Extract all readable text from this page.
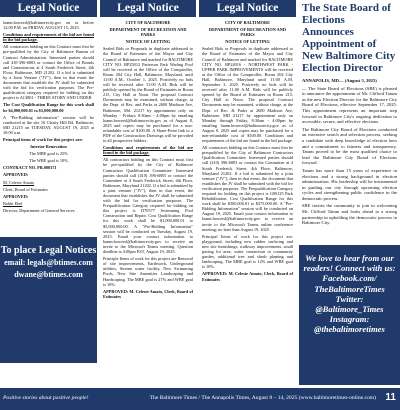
Legal Notice
luann.bowersl@baltimorecity.gov on or before 12:00 P.M. on FRIDAY, AUGUST 15, 2025.
Conditions and requirements of the bid are found in the bid package.
All contractors bidding on this Contract must first be pre-qualified by the City of Baltimore Bureau of Contract Administration. Interested parties should call 410-396-6883 or contact the Office of Boards and Commissions at 4 South Frederick Street, 4th Floor, Baltimore, MD 21202. If a bid is submitted by a Joint Venture ("JV"), then in that event the documents that establish the JV shall be submitted with the bid for verification purposes. The Pre-qualification category required for bidding on this project is A13801 - THREE STORY AND UNDER
The Cost Qualification Range for this work shall be $4,000,000.01 to $5,000,000.00
A "Pre-Bidding information" session will be conducted at the site 10 Clarity Hill Rd, Baltimore, MD 21215 on TUESDAY, AUGUST 19, 2025 at 10:00 a.m.
Principal items of work for this project are:
Interior Renovation
The MBE goal is 25%
The WBE goal is 10%
CONTRACT NO. PB.000371
APPROVED:
M. Celeste Amato
Clerk, Board of Estimates
APPROVED:
Bobbi Ebel
Director, Department of General Services
To place Legal Notices
email: legals@btimes.com
dwane@btimes.com
Legal Notice
CITY OF BALTIMORE
DEPARTMENT OF RECREATION AND PARKS
NOTICE OF LETTING
Sealed Bids or Proposals in duplicate addressed to the Board of Estimates of the Mayor and City Council of Baltimore and marked for BALTIMORE CITY NO. RP25012 Patterson Park Wading Pool will be received at the Office of the Comptroller, Room 204 City Hall, Baltimore, Maryland, until 11:00 A.M., October 1, 2025. Positively no bids will be received after 11:00 A.M. Bids will be publicly opened by the Board of Estimates in Room 215, City Hall at Noon. The proposal Contract Documents may be examined, without charge, at the Dept. of Rec. and Parks at 2600 Madison Ave, Baltimore, Md. 21217 by appointment only on Monday - Fridays 8:30am - 4:00pm by emailing luann.bowersl@baltimorecity.gov as of August 8, 2025 and copies may be purchased for a non-refundable cost of $100.00. A Share-Point link to a PDF of the Construction Drawings will be provided to all prospective bidders.
Conditions and requirements of the bid are found in the bid package.
All contractors bidding on this Contract must first be pre-qualified by the City of Baltimore Contractors Qualification Committee. Interested parties should call (410) 396-6883 or contact the Committee at 4 South Frederick Street, 4th Floor, Baltimore, Maryland 21202. If a bid is submitted by a joint venture ("JV"), then in that event, the document that establishes the JV shall be submitted with the bid for verification purposes. The Prequalification Category required for bidding on this project is D70577 Swimming Pool Construction and Repair. Cost Qualification Range for this work shall be $1,000,000.01 to $5,000,000.00. A "Pre-Bidding Information" session will be conducted on Tuesday, August 19, 2025. Email your contact information to luann.bowersl@baltimorecity.gov to receive an invite to the Microsoft Teams meeting. Question deadline is 4:00pm EST, August 19, 2025.
Principle Items of work for this project are Removal of site improvements, Earthwork, Underground utilities, Stream water facility, New Swimming Pools, New Site Amenities Landscaping and Hardscaping. The MBE goal is 27% and WBE goal is 10%.
APPROVED: M. Celeste Amato, Clerk, Board of Estimates
Legal Notice
CITY OF BALTIMORE
DEPARTMENT OF RECREATION AND PARKS
NOTICE OF LETTING
Sealed Bids or Proposals in duplicate addressed to the Board of Estimates of the Mayor and City Council of Baltimore and marked for BALTIMORE CITY NO. RP24016 - NORTHWEST PARK - UPPER PARK IMPROVEMENTS will be received at the Office of the Comptroller, Room 204 City Hall, Baltimore, Maryland until 11:00 A.M. September 3, 2025. Positively no bids will be received after 11:00 A.M. Bids will be publicly opened by the Board of Estimates in Room 215, City Hall at Noon. The proposal Contract Documents may be examined, without charge, at the Dept. of Rec. & Parks at 2600 Madison Ave, Baltimore, MD 21217 by appointment only on Monday through Friday, 8:30am - 4:00pm by emailing luann.bowersl@baltimorecity.gov as of August 8, 2025 and copies may be purchased for a non-refundable cost of $100.00. Conditions and requirements of the bid are found in the bid package.
All contractors bidding on this Contract must first be prequalified by the City of Baltimore Contractors Qualification Committee. Interested parties should call (410) 396-6883 or contact the Committee at 4 South Frederick Street, 4th Floor, Baltimore, Maryland 21202. If a bid is submitted by a joint venture ("JV"), then in that event, the document that establishes the JV shall be submitted with the bid for verification purposes. The Prequalification Category required for bidding on this project is G90125 Park Rehabilitation. Cost Qualification Range for this work shall be $300,000.01 to $375,000.00. A "Pre-Bidding Information" session will be conducted on August 19, 2025. Email your contact information to luann.bowersl@baltimorecity.gov to receive an invite to the Microsoft Teams online conference meeting; no later than August 19, 2025.
Principal Items of work for this project are: playground, including new rubber surfacing and new site furnishings, walkway improvements, small paving lot area, water connection to community garden, additional tree and shrub planting and landscaping. The MBE goal is 12% and WBE goal is 10%.
APPROVED: M. Celeste Amato, Clerk, Board of Estimates
The State Board of Elections Announces Appointment of New Baltimore City Election Director
ANNAPOLIS, MD— (August 5, 2025)
— The State Board of Elections (SBE) is pleased to announce the appointment of Mr. Clifford Tatum as the new Election Director for the Baltimore City Board of Elections, effective September 17, 2025. This appointment represents an important step forward in Baltimore City's ongoing dedication to accessible, secure, and effective elections.
The Baltimore City Board of Elections conducted an extensive search and selection process, seeking a candidate with deep knowledge of election laws and a commitment to fairness and transparency. Tatum proved to be the most qualified choice to lead the Baltimore City Board of Elections forward.
Tatum has more than 15 years of experience in elections and a strong background in election administration. His leadership will be instrumental in guiding our city through upcoming election cycles and strengthening public confidence in the democratic process.
SBE invites the community to join in welcoming Mr. Clifford Tatum and looks ahead to a strong partnership in upholding the democratic process in Baltimore City.
We love to hear from our readers! Connect with us:
Facebook.com/
TheBaltimoreTimes
Twitter:
@Baltimore_Times
Instagram:
@thebaltimoretimes
Positive stories about positive people!	The Baltimore Times / The Annapolis Times, August 8 – 14, 2025 (www.baltimoretimes-online.com) 11
